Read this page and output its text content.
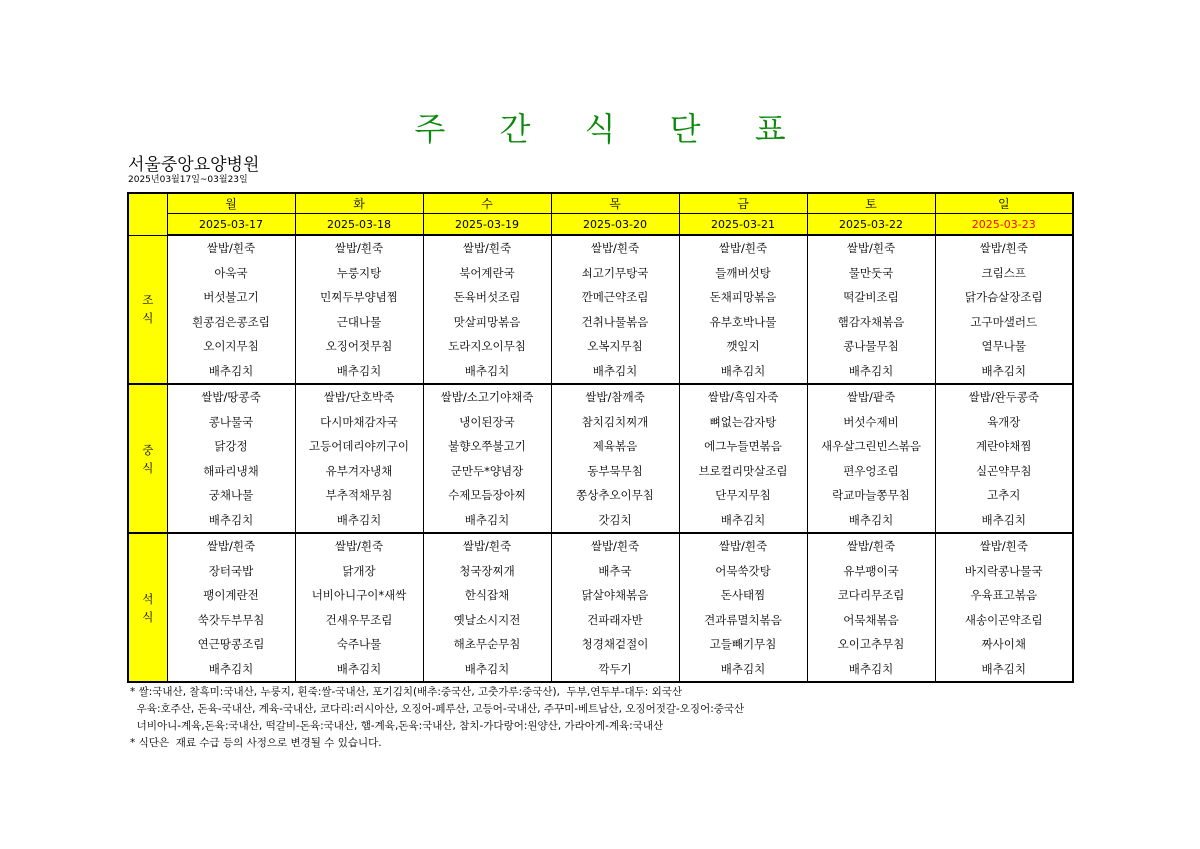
주 간 식 단 표
서울중앙요양병원
2025년03월17일~03월23일
	월	화	수	목	금	토	일
	2025-03-17	2025-03-18	2025-03-19	2025-03-20	2025-03-21	2025-03-22	2025-03-23
조
식	쌀밥/흰죽	쌀밥/흰죽	쌀밥/흰죽	쌀밥/흰죽	쌀밥/흰죽	쌀밥/흰죽	쌀밥/흰죽
	아욱국	누룽지탕	북어계란국	쇠고기무탕국	들깨버섯탕	물만둣국	크림스프
	버섯불고기	민찌두부양념찜	돈육버섯조림	깐메근약조림	돈채피망볶음	떡갈비조림	닭가슴살장조림
	흰콩검은콩조림	근대나물	맛살피망볶음	건취나물볶음	유부호박나물	햄감자채볶음	고구마샐러드
	오이지무침	오징어젓무침	도라지오이무침	오복지무침	깻잎지	콩나물무침	열무나물
	배추김치	배추김치	배추김치	배추김치	배추김치	배추김치	배추김치
중
식	쌀밥/땅콩죽	쌀밥/단호박죽	쌀밥/소고기야채죽	쌀밥/참깨죽	쌀밥/흑임자죽	쌀밥/팥죽	쌀밥/완두콩죽
	콩나물국	다시마채감자국	냉이된장국	참치김치찌개	뼈없는감자탕	버섯수제비	육개장
	닭강정	고등어데리야끼구이	불향오쭈불고기	제육볶음	에그누들면볶음	새우살그린빈스볶음	계란야채찜
	해파리냉채	유부겨자냉채	군만두*양념장	동부묵무침	브로컬리맛살조림	편우엉조림	실곤약무침
	궁채나물	부추적채무침	수제모듬장아찌	쫑상추오이무침	단무지무침	락교마늘쫑무침	고추지
	배추김치	배추김치	배추김치	갓김치	배추김치	배추김치	배추김치
석
식	쌀밥/흰죽	쌀밥/흰죽	쌀밥/흰죽	쌀밥/흰죽	쌀밥/흰죽	쌀밥/흰죽	쌀밥/흰죽
	장터국밥	닭개장	청국장찌개	배추국	어묵쑥갓탕	유부팽이국	바지락콩나물국
	팽이계란전	너비아니구이*새싹	한식잡채	닭살야채볶음	돈사태찜	코다리무조림	우육표고볶음
	쑥갓두부무침	건새우무조림	옛날소시지전	건파래자반	견과류멸치볶음	어묵채볶음	새송이곤약조림
	연근땅콩조림	숙주나물	해초무순무침	청경채겉절이	고들빼기무침	오이고추무침	짜사이채
	배추김치	배추김치	배추김치	깍두기	배추김치	배추김치	배추김치
* 쌀:국내산, 찰흑미:국내산, 누룽지, 흰죽:쌀-국내산, 포기김치(배추:중국산, 고춧가루:중국산),  두부,연두부-대두: 외국산
우육:호주산, 돈육-국내산, 계육-국내산, 코다리:러시아산, 오징어-페루산, 고등어-국내산, 주꾸미-베트남산, 오징어젓갈-오징어:중국산
너비아니-계육,돈육:국내산, 떡갈비-돈육:국내산, 햄-계육,돈육:국내산, 참치-가다랑어:원양산, 가라아게-계육:국내산
* 식단은  재료 수급 등의 사정으로 변경될 수 있습니다.
